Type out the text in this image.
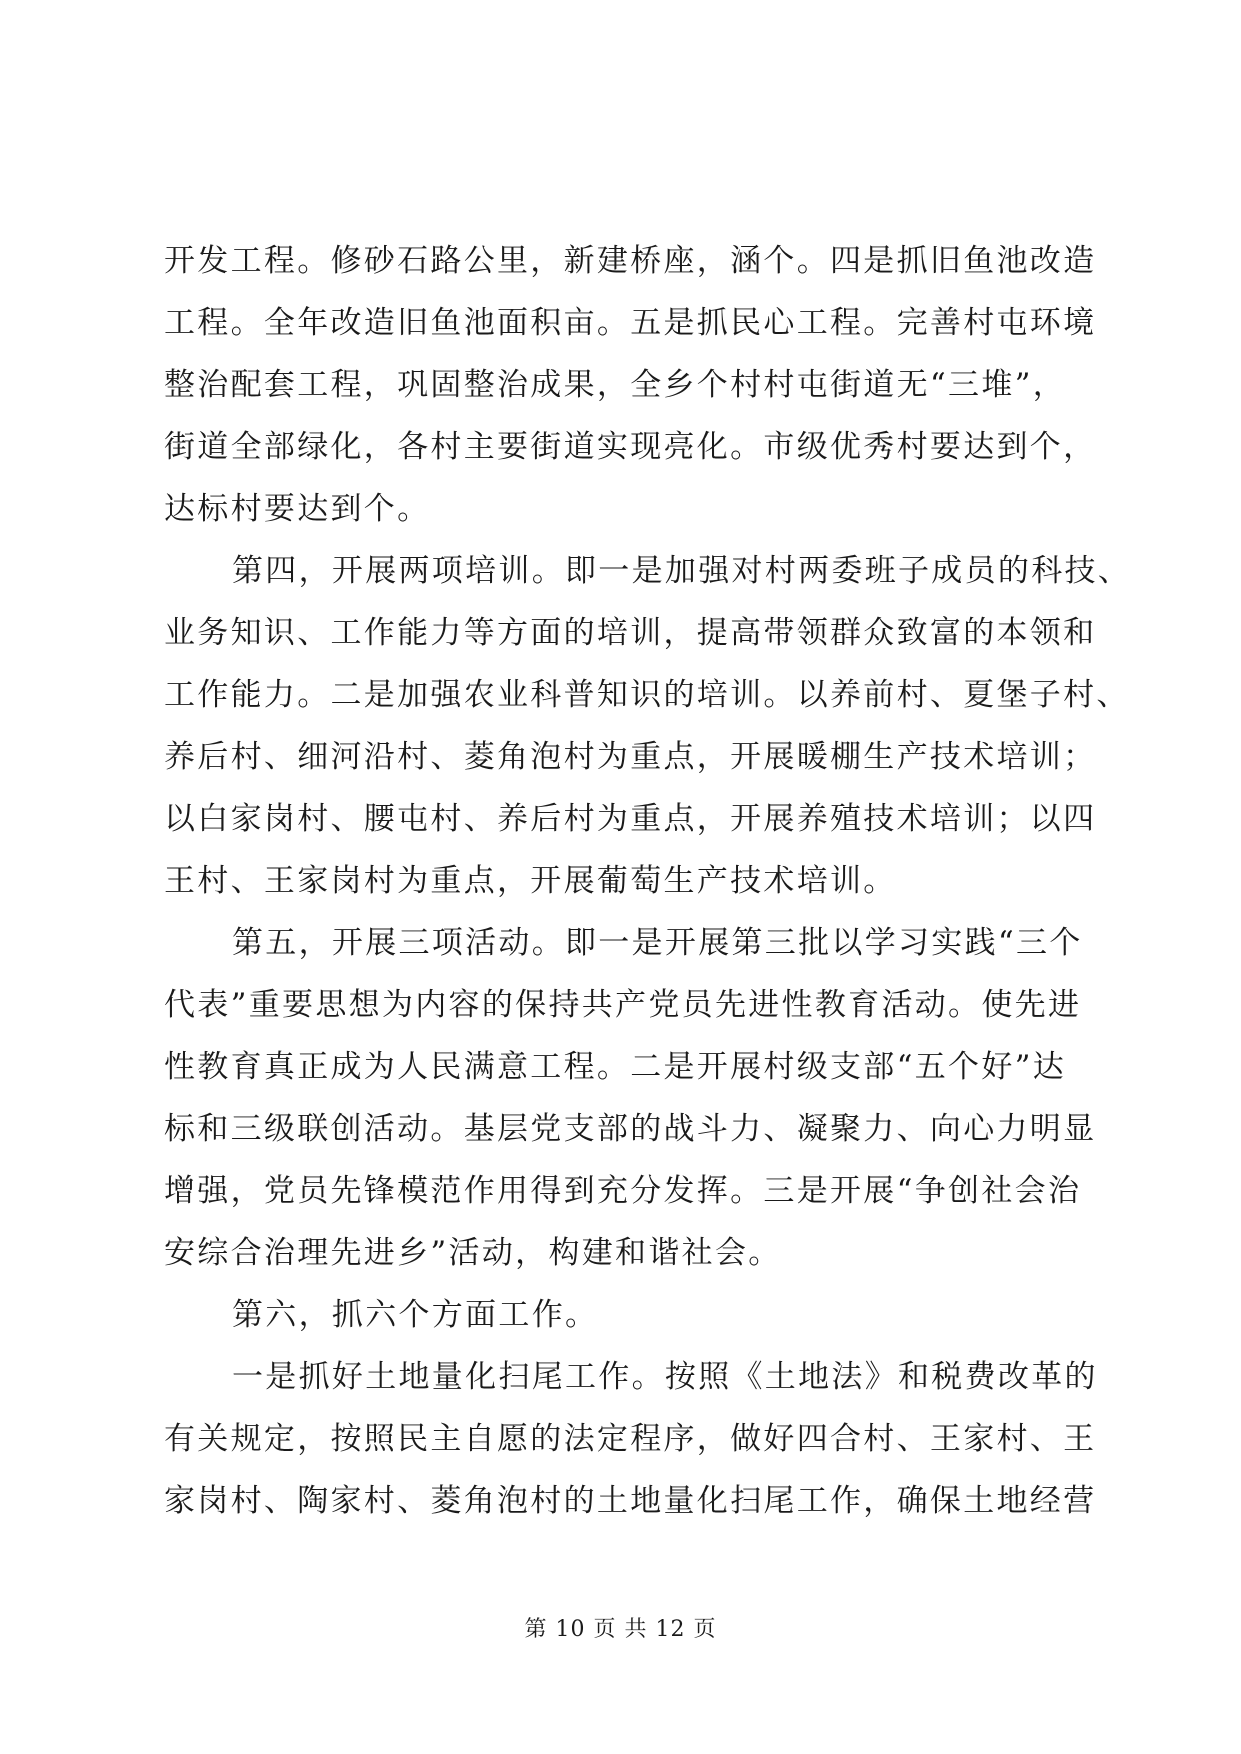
开发工程。修砂石路公里，新建桥座，涵个。四是抓旧鱼池改造
工程。全年改造旧鱼池面积亩。五是抓民心工程。完善村屯环境
整治配套工程，巩固整治成果，全乡个村村屯街道无“三堆”，
街道全部绿化，各村主要街道实现亮化。市级优秀村要达到个，
达标村要达到个。
第四，开展两项培训。即一是加强对村两委班子成员的科技、
业务知识、工作能力等方面的培训，提高带领群众致富的本领和
工作能力。二是加强农业科普知识的培训。以养前村、夏堡子村、
养后村、细河沿村、菱角泡村为重点，开展暖棚生产技术培训；
以白家岗村、腰屯村、养后村为重点，开展养殖技术培训；以四
王村、王家岗村为重点，开展葡萄生产技术培训。
第五，开展三项活动。即一是开展第三批以学习实践“三个
代表”重要思想为内容的保持共产党员先进性教育活动。使先进
性教育真正成为人民满意工程。二是开展村级支部“五个好”达
标和三级联创活动。基层党支部的战斗力、凝聚力、向心力明显
增强，党员先锋模范作用得到充分发挥。三是开展“争创社会治
安综合治理先进乡”活动，构建和谐社会。
第六，抓六个方面工作。
一是抓好土地量化扫尾工作。按照《土地法》和税费改革的
有关规定，按照民主自愿的法定程序，做好四合村、王家村、王
家岗村、陶家村、菱角泡村的土地量化扫尾工作，确保土地经营
第 10 页 共 12 页
